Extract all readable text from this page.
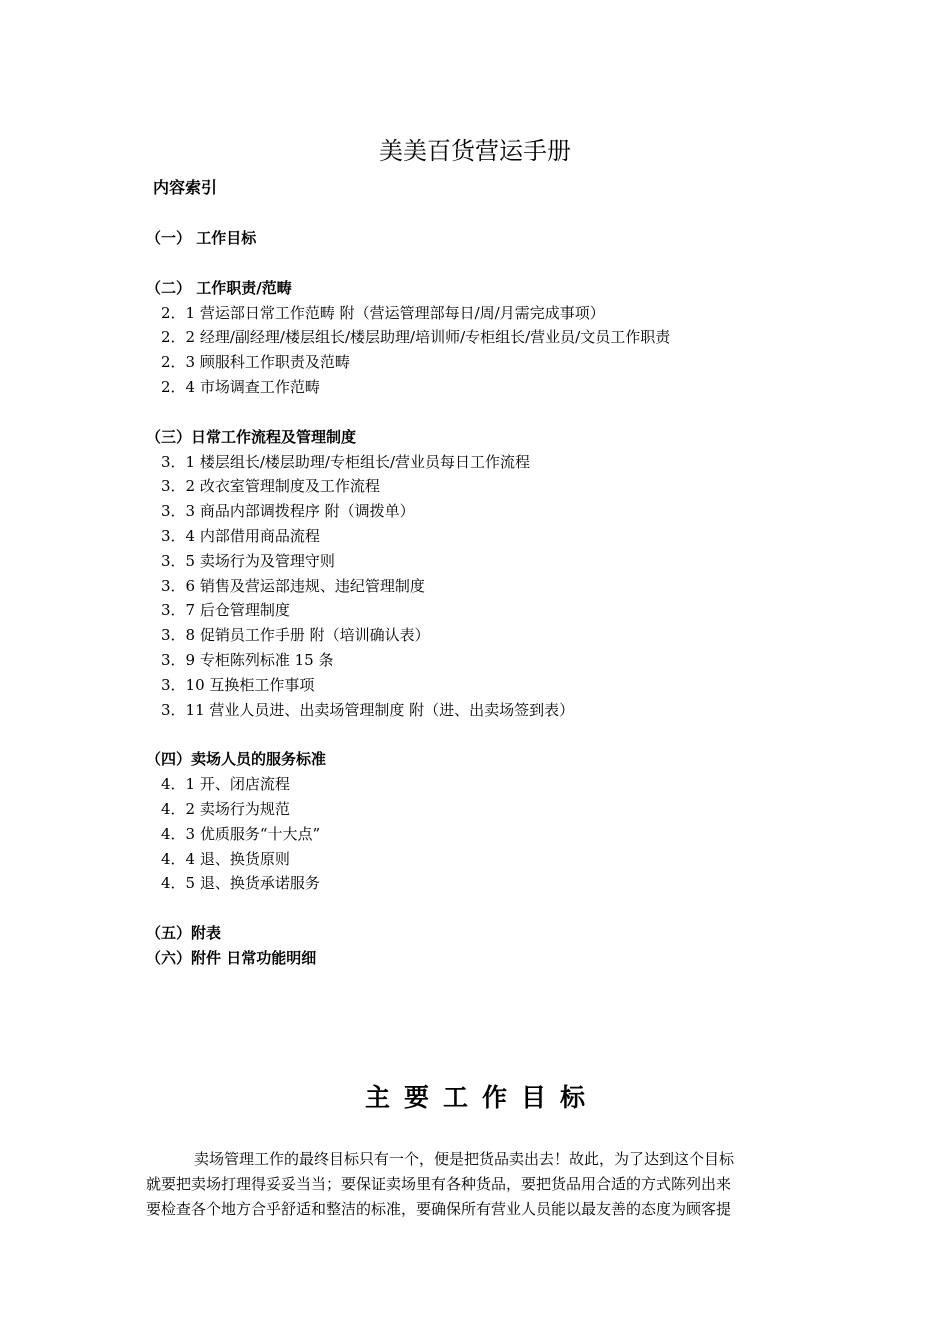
美美百货营运手册
内容索引
（一） 工作目标
（二） 工作职责/范畴
2．1 营运部日常工作范畴 附（营运管理部每日/周/月需完成事项）
2．2 经理/副经理/楼层组长/楼层助理/培训师/专柜组长/营业员/文员工作职责
2．3 顾服科工作职责及范畴
2．4 市场调查工作范畴
（三）日常工作流程及管理制度
3．1 楼层组长/楼层助理/专柜组长/营业员每日工作流程
3．2 改衣室管理制度及工作流程
3．3 商品内部调拨程序 附（调拨单）
3．4 内部借用商品流程
3．5 卖场行为及管理守则
3．6 销售及营运部违规、违纪管理制度
3．7 后仓管理制度
3．8 促销员工作手册 附（培训确认表）
3．9 专柜陈列标准 15 条
3．10 互换柜工作事项
3．11 营业人员进、出卖场管理制度 附（进、出卖场签到表）
（四）卖场人员的服务标准
4．1 开、闭店流程
4．2 卖场行为规范
4．3 优质服务“十大点”
4．4 退、换货原则
4．5 退、换货承诺服务
（五）附表
（六）附件 日常功能明细
主要工作目标
卖场管理工作的最终目标只有一个，便是把货品卖出去！故此，为了达到这个目标
就要把卖场打理得妥妥当当；要保证卖场里有各种货品，要把货品用合适的方式陈列出来
要检查各个地方合乎舒适和整洁的标准，要确保所有营业人员能以最友善的态度为顾客提
